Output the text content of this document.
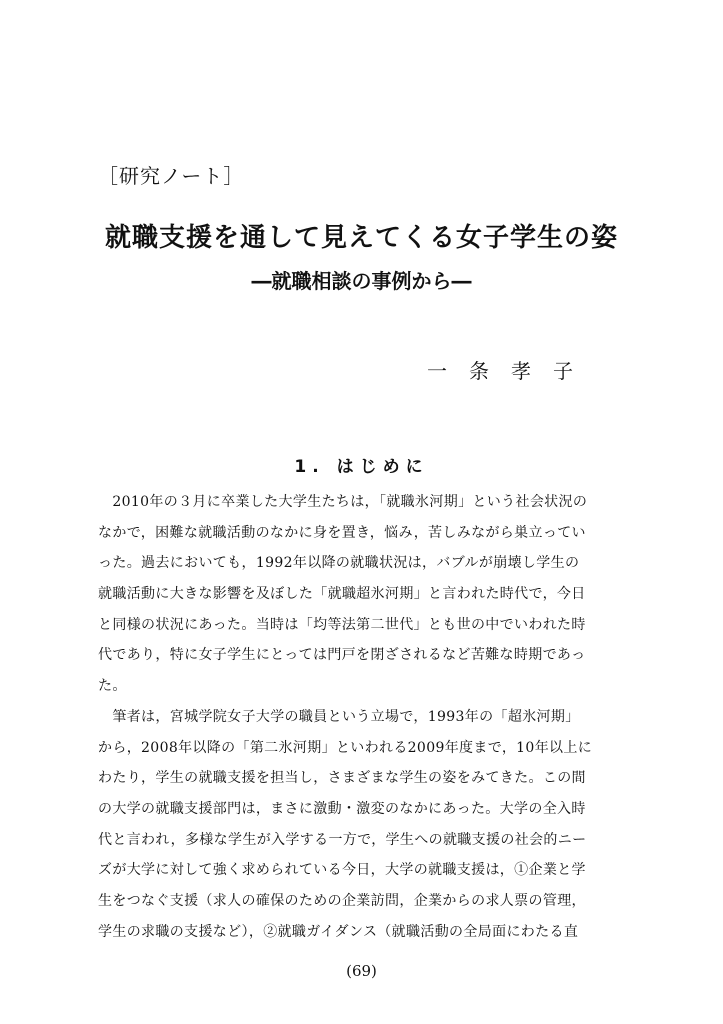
［研究ノート］
就職支援を通して見えてくる女子学生の姿
―就職相談の事例から―
一条孝子
1. はじめに
　2010年の３月に卒業した大学生たちは，「就職氷河期」という社会状況の
なかで，困難な就職活動のなかに身を置き，悩み，苦しみながら巣立ってい
った。過去においても，1992年以降の就職状況は，バブルが崩壊し学生の
就職活動に大きな影響を及ぼした「就職超氷河期」と言われた時代で，今日
と同様の状況にあった。当時は「均等法第二世代」とも世の中でいわれた時
代であり，特に女子学生にとっては門戸を閉ざされるなど苦難な時期であっ
た。
　筆者は，宮城学院女子大学の職員という立場で，1993年の「超氷河期」
から，2008年以降の「第二氷河期」といわれる2009年度まで，10年以上に
わたり，学生の就職支援を担当し，さまざまな学生の姿をみてきた。この間
の大学の就職支援部門は，まさに激動・激変のなかにあった。大学の全入時
代と言われ，多様な学生が入学する一方で，学生への就職支援の社会的ニー
ズが大学に対して強く求められている今日，大学の就職支援は，①企業と学
生をつなぐ支援（求人の確保のための企業訪問，企業からの求人票の管理，
学生の求職の支援など），②就職ガイダンス（就職活動の全局面にわたる直
(69)
